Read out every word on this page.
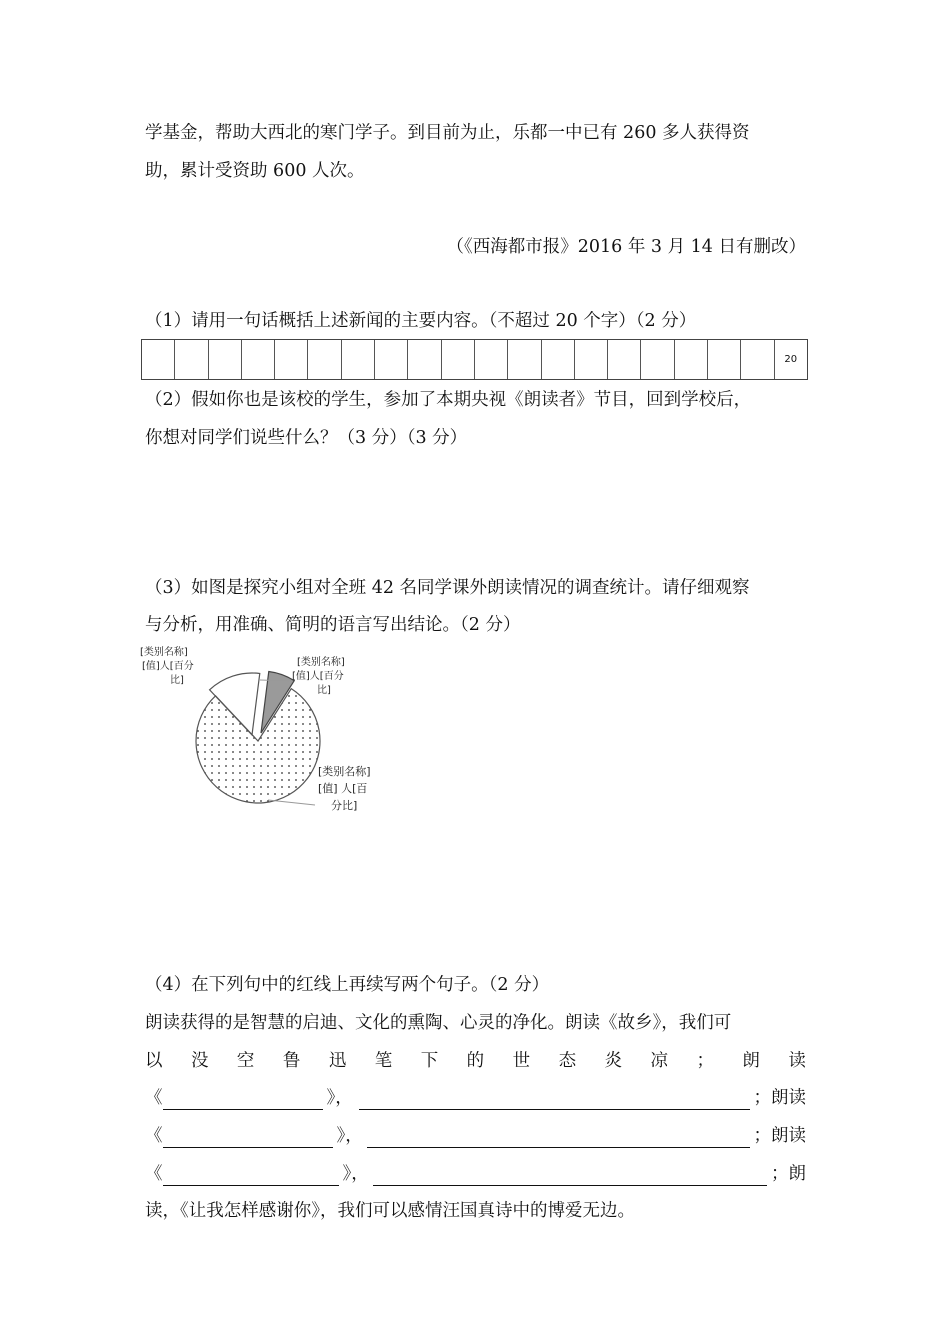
学基金，帮助大西北的寒门学子。到目前为止，乐都一中已有 260 多人获得资
助，累计受资助 600 人次。
（《西海都市报》2016 年 3 月 14 日有删改）
（1）请用一句话概括上述新闻的主要内容。（不超过 20 个字）（2 分）
20
（2）假如你也是该校的学生，参加了本期央视《朗读者》节目，回到学校后，
你想对同学们说些什么？（3 分）（3 分）
（3）如图是探究小组对全班 42 名同学课外朗读情况的调查统计。请仔细观察
与分析，用准确、简明的语言写出结论。（2 分）
[类别名称]
[值]人[百分
比]
[类别名称]
[值]人[百分
比]
[类别名称]
[值] 人[百
分比]
（4）在下列句中的红线上再续写两个句子。（2 分）
朗读获得的是智慧的启迪、文化的熏陶、心灵的净化。朗读《故乡》，我们可
以 没 空 鲁 迅 笔 下 的 世 态 炎 凉 ； 朗 读
《	》，	；朗读
《	》，	；朗读
《	》，	；朗
读，《让我怎样感谢你》，我们可以感情汪国真诗中的博爱无边。
